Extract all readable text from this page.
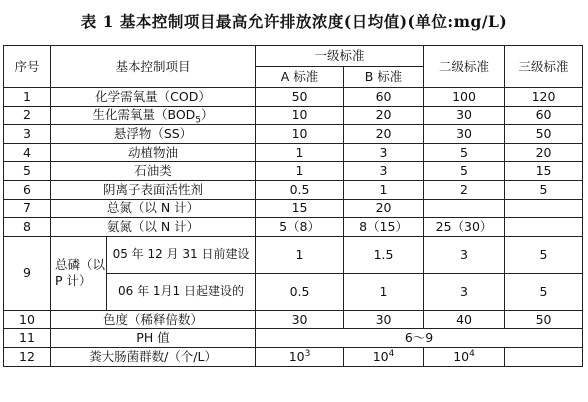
表 1 基本控制项目最高允许排放浓度(日均值)(单位:mg/L)
序号	基本控制项目		一级标准		二级标准	三级标准
			A 标准	B 标准		
1	化学需氧量（COD）		50	60	100	120
2	生化需氧量$(BOD_5)$		10	20	30	60
3	悬浮物（SS）		10	20	30	50
4	动植物油		1	3	5	20
5	石油类		1	3	5	15
6	阴离子表面活性剂		0.5	1	2	5
7	总氮（以 N 计）		15	20		
8	氨氮（以 N 计）		5（8）	8（15）	25（30）	
9	总磷（以 P 计）	05 年 12 月 31 日前建设	1	1.5	3	5
		06 年 1月1 日起建设的	0.5	1	3	5
10	色度（稀释倍数）		30	30	40	50
11	PH 值		6～9			
12	粪大肠菌群数/（个/L）		$10^3$	$10^4$	$10^4$	
